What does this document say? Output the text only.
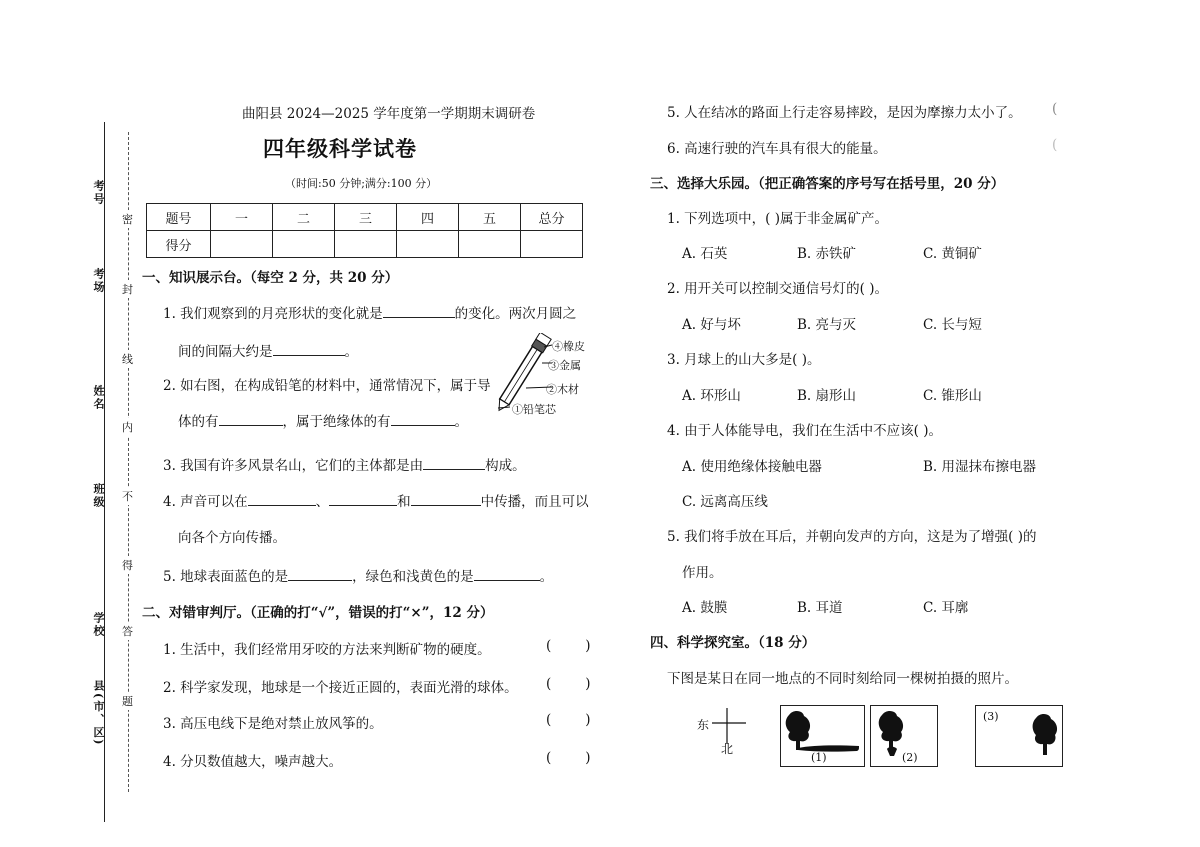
考号
考场
姓名
班级
学校
县(市、区)
密
封
线
内
不
得
答
题
曲阳县 2024—2025 学年度第一学期期末调研卷
四年级科学试卷
（时间:50 分钟;满分:100 分）
题号	一	二	三	四	五	总分
得分						
一、知识展示台。（每空 2 分，共 20 分）
1. 我们观察到的月亮形状的变化就是	的变化。两次月圆之
间的间隔大约是	。
2. 如右图，在构成铅笔的材料中，通常情况下，属于导
体的有	，属于绝缘体的有	。
④橡皮
③金属
②木材
①铅笔芯
3. 我国有许多风景名山，它们的主体都是由	构成。
4. 声音可以在	、	和	中传播，而且可以
向各个方向传播。
5. 地球表面蓝色的是	，绿色和浅黄色的是	。
二、对错审判厅。（正确的打“√”，错误的打“×”，12 分）
1. 生活中，我们经常用牙咬的方法来判断矿物的硬度。
2. 科学家发现，地球是一个接近正圆的，表面光滑的球体。
3. 高压电线下是绝对禁止放风筝的。
4. 分贝数值越大，噪声越大。
(	)
(	)
(	)
(	)
5. 人在结冰的路面上行走容易摔跤，是因为摩擦力太小了。
6. 高速行驶的汽车具有很大的能量。
(
(
三、选择大乐园。（把正确答案的序号写在括号里，20 分）
1. 下列选项中，( )属于非金属矿产。
A. 石英	B. 赤铁矿	C. 黄铜矿
2. 用开关可以控制交通信号灯的( )。
A. 好与坏	B. 亮与灭	C. 长与短
3. 月球上的山大多是( )。
A. 环形山	B. 扇形山	C. 锥形山
4. 由于人体能导电，我们在生活中不应该( )。
A. 使用绝缘体接触电器	B. 用湿抹布擦电器
C. 远离高压线
5. 我们将手放在耳后，并朝向发声的方向，这是为了增强( )的
作用。
A. 鼓膜	B. 耳道	C. 耳廓
四、科学探究室。（18 分）
下图是某日在同一地点的不同时刻给同一棵树拍摄的照片。
东
北
(1)	(2)
(3)
